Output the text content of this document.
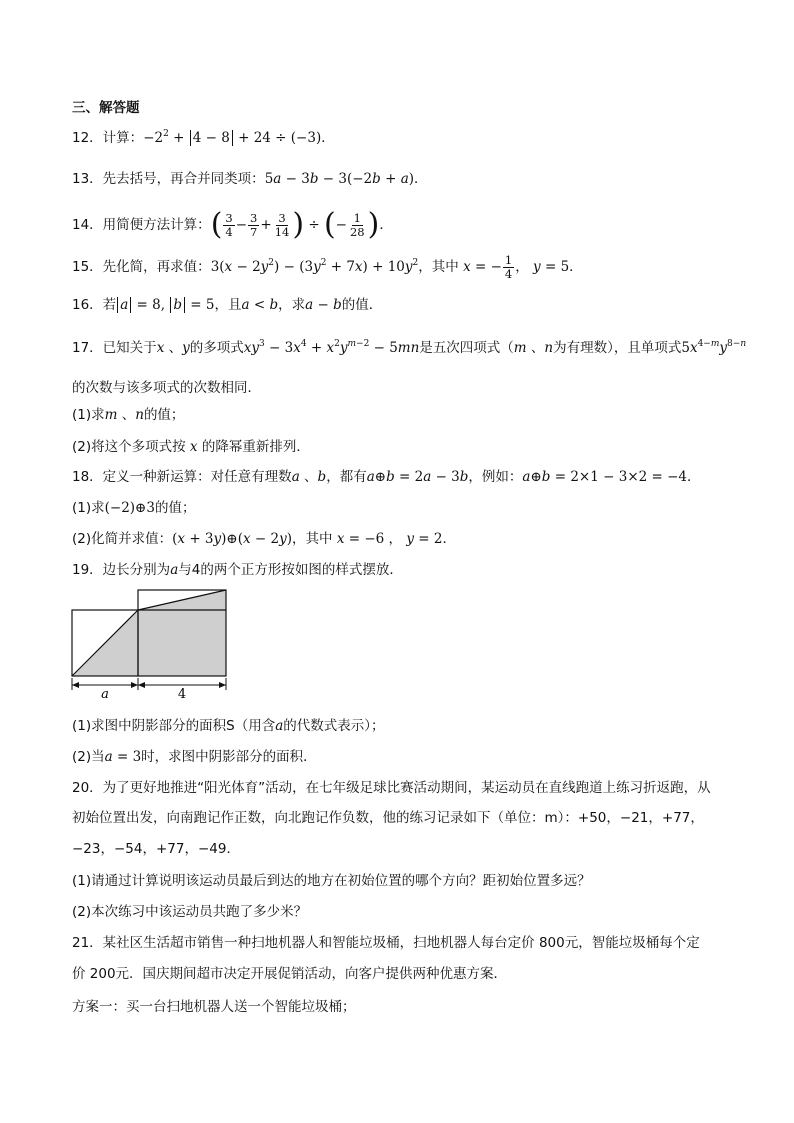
三、解答题
12．计算：$-2^2 + 4 - 8 + 24 \div (-3)$．
13．先去括号，再合并同类项：5a − 3b − 3(−2b + a)．
14．用简便方法计算：( $\frac{3}{4} - \frac{3}{7} + \frac{3}{14}$ ) ÷ (− $\frac{1}{28}$ )．
15．先化简，再求值：$3(x - 2y^2) - (3y^2 + 7x) + 10y^2$，其中 x = − $\frac{1}{4}$ ， y = 5．
16．若 a = 8, b = 5，且a < b，求a − b的值．
17．已知关于x 、y的多项式$xy^3 - 3x^4 + x^2y^{m-2} - 5mn$是五次四项式（m 、n为有理数），且单项式$5x^{4-m}y^{8-n}$
的次数与该多项式的次数相同．
(1)求m 、n的值；
(2)将这个多项式按 x 的降幂重新排列．
18．定义一种新运算：对任意有理数a 、b，都有a⊕b = 2a − 3b，例如：a⊕b = 2×1 − 3×2 = −4．
(1)求(−2)⊕3的值；
(2)化简并求值：(x + 3y)⊕(x − 2y)，其中 x = −6 ， y = 2．
19．边长分别为a与4的两个正方形按如图的样式摆放．
a	4
(1)求图中阴影部分的面积S（用含a的代数式表示）；
(2)当a = 3时，求图中阴影部分的面积．
20．为了更好地推进“阳光体育”活动，在七年级足球比赛活动期间，某运动员在直线跑道上练习折返跑，从
初始位置出发，向南跑记作正数，向北跑记作负数，他的练习记录如下（单位：m）：+50，−21，+77，
−23，−54，+77，−49．
(1)请通过计算说明该运动员最后到达的地方在初始位置的哪个方向？距初始位置多远？
(2)本次练习中该运动员共跑了多少米？
21．某社区生活超市销售一种扫地机器人和智能垃圾桶，扫地机器人每台定价 800元，智能垃圾桶每个定
价 200元．国庆期间超市决定开展促销活动，向客户提供两种优惠方案．
方案一：买一台扫地机器人送一个智能垃圾桶；
